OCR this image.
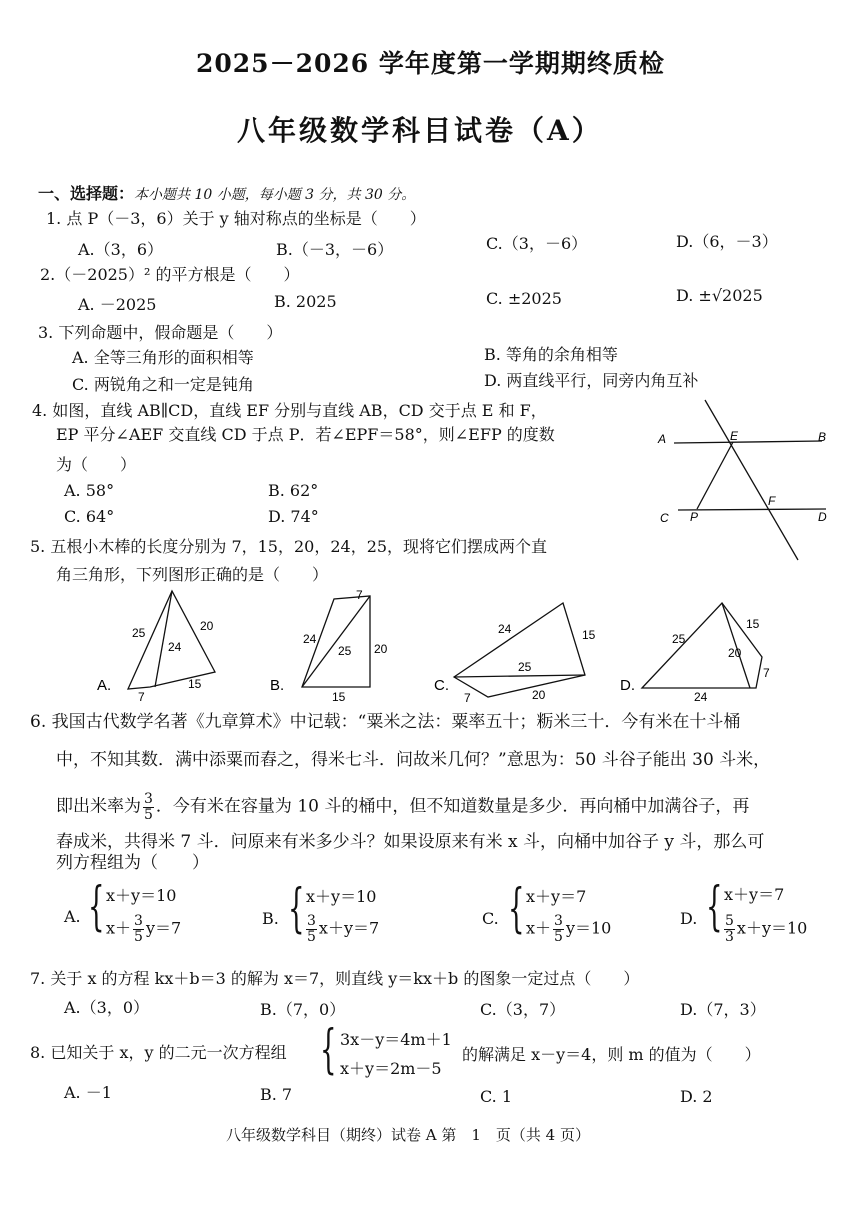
2025－2026 学年度第一学期期终质检
八年级数学科目试卷（A）
一、选择题：本小题共 10 小题，每小题 3 分，共 30 分。
1. 点 P（－3，6）关于 y 轴对称点的坐标是（　　）
A.（3，6）	B.（－3，－6）	C.（3，－6）	D.（6，－3）
2.（－2025）² 的平方根是（　　）
A. －2025	B. 2025	C. ±2025	D. ±√2025
3. 下列命题中，假命题是（　　）
A. 全等三角形的面积相等	B. 等角的余角相等
C. 两锐角之和一定是钝角	D. 两直线平行，同旁内角互补
4. 如图，直线 AB∥CD，直线 EF 分别与直线 AB，CD 交于点 E 和 F，
EP 平分∠AEF 交直线 CD 于点 P．若∠EPF＝58°，则∠EFP 的度数
为（　　）
A. 58°	B. 62°
C. 64°	D. 74°
A	B
E
F
C P	D
5. 五根小木棒的长度分别为 7，15，20，24，25，现将它们摆成两个直
角三角形，下列图形正确的是（　　）
25	20
24
15
7
A.
7
24
25 20
15
B.
24	15
25
7	20
C.
25
15
20
7
24
D.
6. 我国古代数学名著《九章算术》中记载：“粟米之法：粟率五十；粝米三十．今有米在十斗桶
中，不知其数．满中添粟而舂之，得米七斗．问故米几何？”意思为：50 斗谷子能出 30 斗米，
即出米率为 $\frac{3}{5}$ ．今有米在容量为 10 斗的桶中，但不知道数量是多少．再向桶中加满谷子，再
舂成米，共得米 7 斗．问原来有米多少斗？如果设原来有米 x 斗，向桶中加谷子 y 斗，那么可
列方程组为（　　）
A. { x＋y＝10
$x+ \frac{3}{5} y=7$
B. { x＋y＝10
$\frac{3}{5} x+y=7$
C. { x＋y＝7
$x+ \frac{3}{5} y=10$
D. { x＋y＝7
$\frac{5}{3} x+y=10$
7. 关于 x 的方程 kx＋b＝3 的解为 x＝7，则直线 y＝kx＋b 的图象一定过点（　　）
A.（3，0）	B.（7，0）	C.（3，7）	D.（7，3）
8. 已知关于 x，y 的二元一次方程组 { 3x－y＝4m＋1
x＋y＝2m－5
的解满足 x－y＝4，则 m 的值为（　　）
A. －1	B. 7	C. 1	D. 2
八年级数学科目（期终）试卷 A 第　1　页（共 4 页）
